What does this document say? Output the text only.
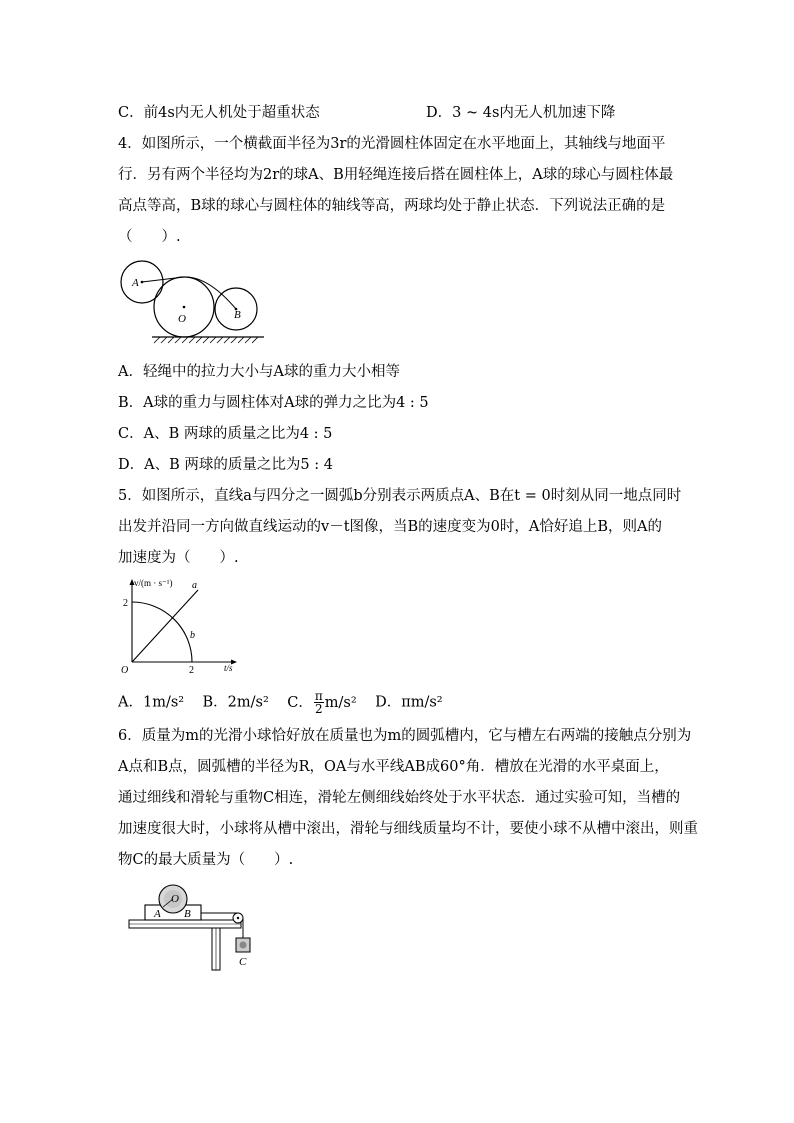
C．前4s内无人机处于超重状态	D．3 ~ 4s内无人机加速下降
4．如图所示，一个横截面半径为3r的光滑圆柱体固定在水平地面上，其轴线与地面平
行．另有两个半径均为2r的球A、B用轻绳连接后搭在圆柱体上，A球的球心与圆柱体最
高点等高，B球的球心与圆柱体的轴线等高，两球均处于静止状态．下列说法正确的是
（　　）.
A
O	B
A．轻绳中的拉力大小与A球的重力大小相等
B．A球的重力与圆柱体对A球的弹力之比为4 : 5
C．A、B 两球的质量之比为4 : 5
D．A、B 两球的质量之比为5 : 4
5．如图所示，直线a与四分之一圆弧b分别表示两质点A、B在t = 0时刻从同一地点同时
出发并沿同一方向做直线运动的v－t图像，当B的速度变为0时，A恰好追上B，则A的
加速度为（　　）.
v/(m · s⁻¹)
t/s
O
2
2
a
b
A．1m/s² B．2m/s² C． $\frac{\pi}{2} m/s^2$ D．πm/s²
6．质量为m的光滑小球恰好放在质量也为m的圆弧槽内，它与槽左右两端的接触点分别为
A点和B点，圆弧槽的半径为R，OA与水平线AB成60°角．槽放在光滑的水平桌面上，
通过细线和滑轮与重物C相连，滑轮左侧细线始终处于水平状态．通过实验可知，当槽的
加速度很大时，小球将从槽中滚出，滑轮与细线质量均不计，要使小球不从槽中滚出，则重
物C的最大质量为（　　）.
O
A B
C
